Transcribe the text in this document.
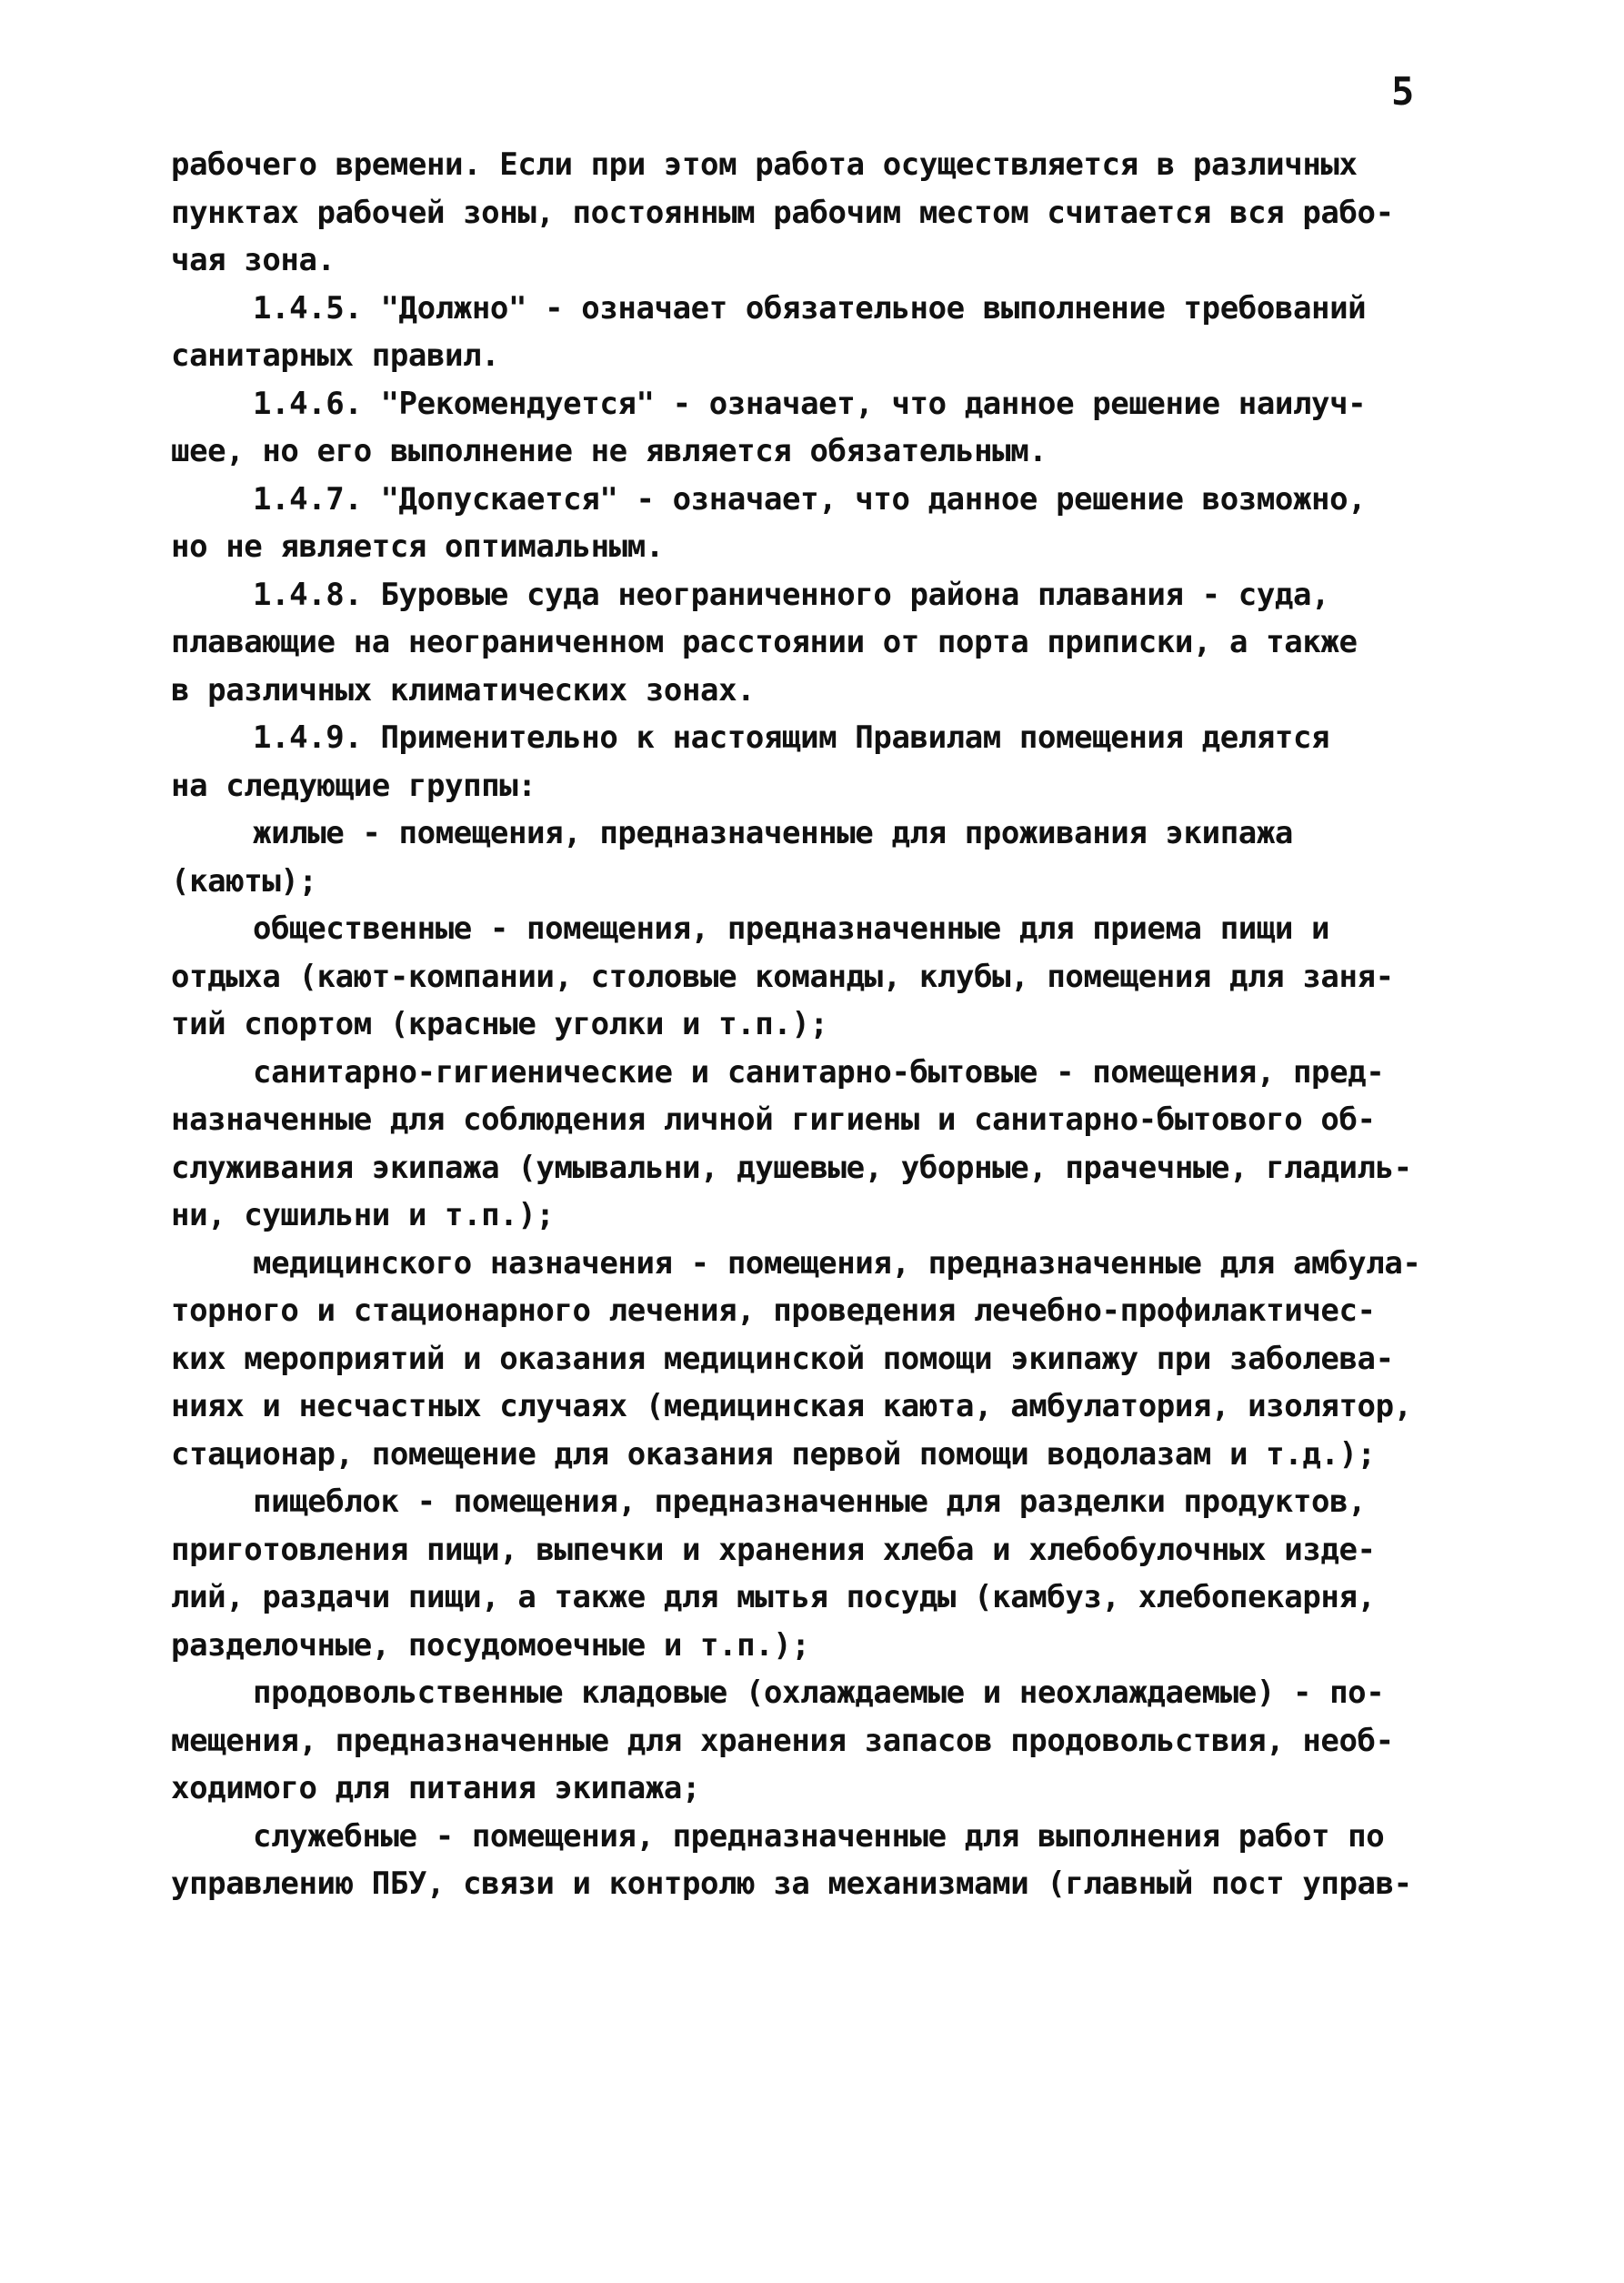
5
рабочего времени. Если при этом работа осуществляется в различных
пунктах рабочей зоны, постоянным рабочим местом считается вся рабо-
чая зона.
1.4.5. "Должно" - означает обязательное выполнение требований
санитарных правил.
1.4.6. "Рекомендуется" - означает, что данное решение наилуч-
шее, но его выполнение не является обязательным.
1.4.7. "Допускается" - означает, что данное решение возможно,
но не является оптимальным.
1.4.8. Буровые суда неограниченного района плавания - суда,
плавающие на неограниченном расстоянии от порта приписки, а также
в различных климатических зонах.
1.4.9. Применительно к настоящим Правилам помещения делятся
на следующие группы:
жилые - помещения, предназначенные для проживания экипажа
(каюты);
общественные - помещения, предназначенные для приема пищи и
отдыха (кают-компании, столовые команды, клубы, помещения для заня-
тий спортом (красные уголки и т.п.);
санитарно-гигиенические и санитарно-бытовые - помещения, пред-
назначенные для соблюдения личной гигиены и санитарно-бытового об-
служивания экипажа (умывальни, душевые, уборные, прачечные, гладиль-
ни, сушильни и т.п.);
медицинского назначения - помещения, предназначенные для амбула-
торного и стационарного лечения, проведения лечебно-профилактичес-
ких мероприятий и оказания медицинской помощи экипажу при заболева-
ниях и несчастных случаях (медицинская каюта, амбулатория, изолятор,
стационар, помещение для оказания первой помощи водолазам и т.д.);
пищеблок - помещения, предназначенные для разделки продуктов,
приготовления пищи, выпечки и хранения хлеба и хлебобулочных изде-
лий, раздачи пищи, а также для мытья посуды (камбуз, хлебопекарня,
разделочные, посудомоечные и т.п.);
продовольственные кладовые (охлаждаемые и неохлаждаемые) - по-
мещения, предназначенные для хранения запасов продовольствия, необ-
ходимого для питания экипажа;
служебные - помещения, предназначенные для выполнения работ по
управлению ПБУ, связи и контролю за механизмами (главный пост управ-
